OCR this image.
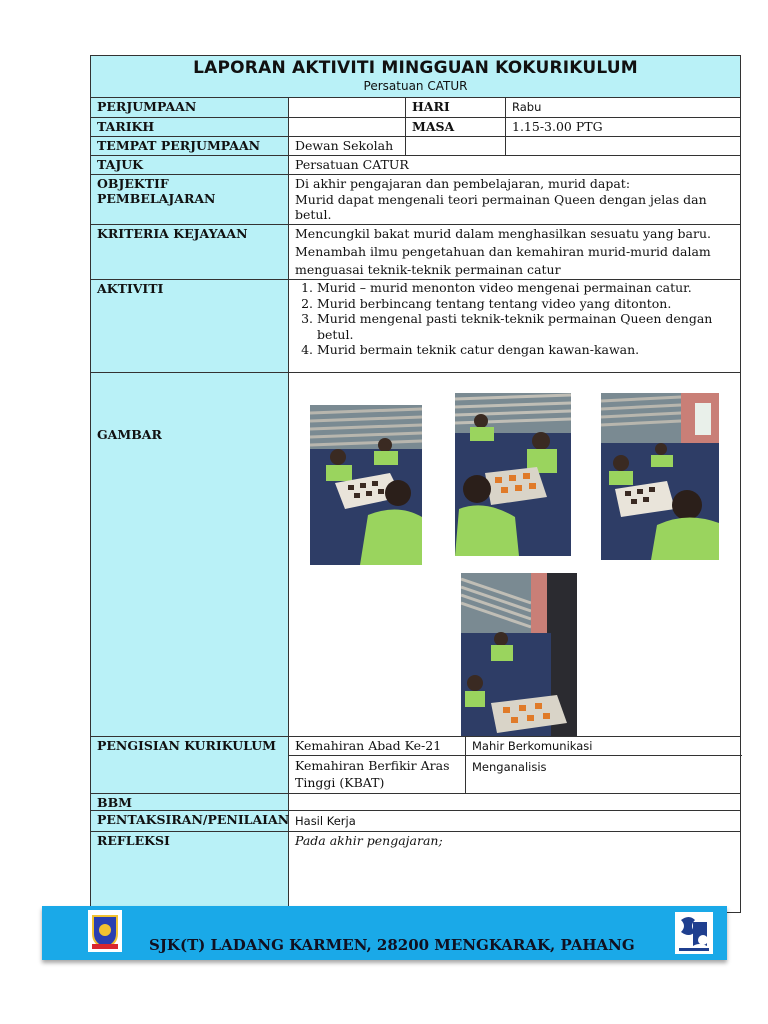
LAPORAN AKTIVITI MINGGUAN KOKURIKULUM
Persatuan CATUR
PERJUMPAAN	HARI	Rabu
TARIKH	MASA	1.15-3.00 PTG
TEMPAT PERJUMPAAN	Dewan Sekolah
TAJUK	Persatuan CATUR
OBJEKTIF PEMBELAJARAN
Di akhir pengajaran dan pembelajaran, murid dapat:
Murid dapat mengenali teori permainan Queen dengan jelas dan betul.
KRITERIA KEJAYAAN	Mencungkil bakat murid dalam menghasilkan sesuatu yang baru.
Menambah ilmu pengetahuan dan kemahiran murid-murid dalam menguasai teknik-teknik permainan catur
AKTIVITI
1.	Murid – murid menonton video mengenai permainan catur.
2. Murid berbincang tentang tentang video yang ditonton.
3. Murid mengenal pasti teknik-teknik permainan Queen dengan betul.
4. Murid bermain teknik catur dengan kawan-kawan.
GAMBAR
PENGISIAN KURIKULUM	Kemahiran Abad Ke-21	Mahir Berkomunikasi
Kemahiran Berfikir Aras Tinggi (KBAT)
Menganalisis
BBM
PENTAKSIRAN/PENILAIAN Hasil Kerja
REFLEKSI	Pada akhir pengajaran;
SJK(T) LADANG KARMEN, 28200 MENGKARAK, PAHANG
